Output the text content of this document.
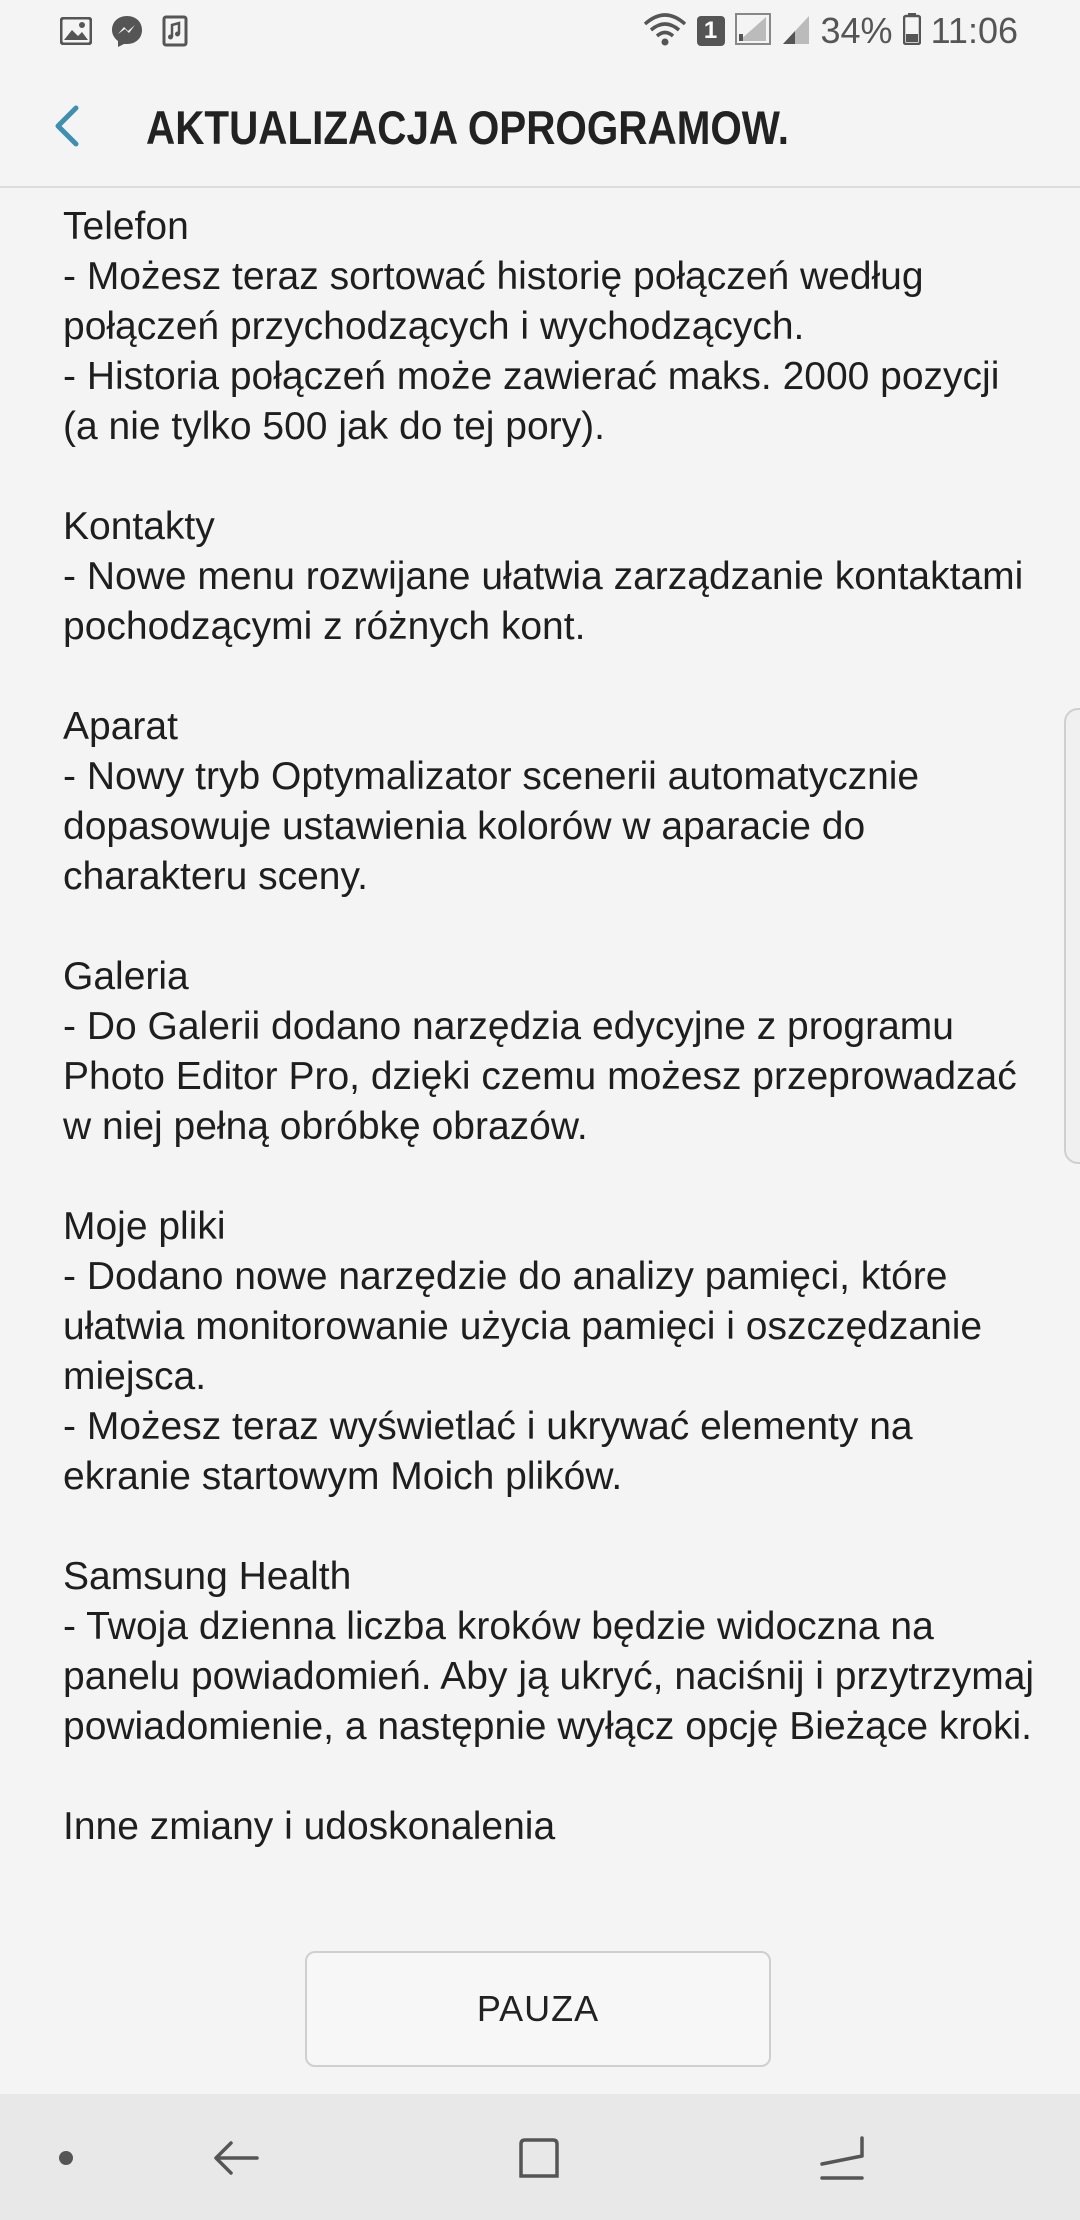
1	34% 11:06
AKTUALIZACJA OPROGRAMOW.
Telefon
- Możesz teraz sortować historię połączeń według połączeń przychodzących i wychodzących.
- Historia połączeń może zawierać maks. 2000 pozycji (a nie tylko 500 jak do tej pory).
Kontakty
- Nowe menu rozwijane ułatwia zarządzanie kontaktami pochodzącymi z różnych kont.
Aparat
- Nowy tryb Optymalizator scenerii automatycznie dopasowuje ustawienia kolorów w aparacie do charakteru sceny.
Galeria
- Do Galerii dodano narzędzia edycyjne z programu Photo Editor Pro, dzięki czemu możesz przeprowadzać w niej pełną obróbkę obrazów.
Moje pliki
- Dodano nowe narzędzie do analizy pamięci, które ułatwia monitorowanie użycia pamięci i oszczędzanie miejsca.
- Możesz teraz wyświetlać i ukrywać elementy na ekranie startowym Moich plików.
Samsung Health
- Twoja dzienna liczba kroków będzie widoczna na panelu powiadomień. Aby ją ukryć, naciśnij i przytrzymaj powiadomienie, a następnie wyłącz opcję Bieżące kroki.
Inne zmiany i udoskonalenia
PAUZA
